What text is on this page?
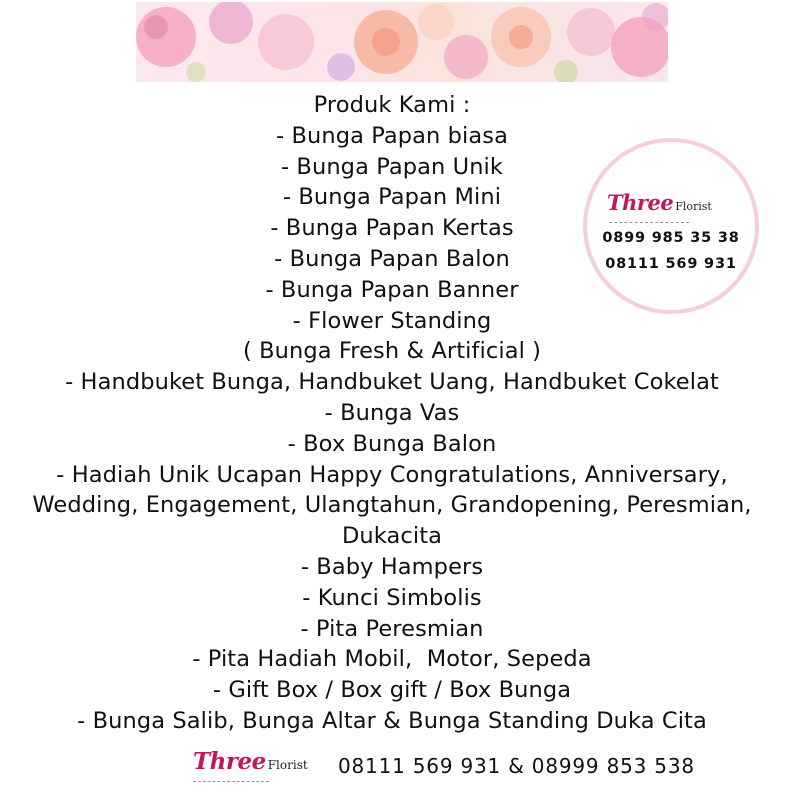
Produk Kami :
- Bunga Papan biasa
- Bunga Papan Unik
- Bunga Papan Mini
- Bunga Papan Kertas
- Bunga Papan Balon
- Bunga Papan Banner
- Flower Standing
( Bunga Fresh & Artificial )
- Handbuket Bunga, Handbuket Uang, Handbuket Cokelat
- Bunga Vas
- Box Bunga Balon
- Hadiah Unik Ucapan Happy Congratulations, Anniversary,
Wedding, Engagement, Ulangtahun, Grandopening, Peresmian,
Dukacita
- Baby Hampers
- Kunci Simbolis
- Pita Peresmian
- Pita Hadiah Mobil,  Motor, Sepeda
- Gift Box / Box gift / Box Bunga
- Bunga Salib, Bunga Altar & Bunga Standing Duka Cita
Three Florist
0899 985 35 38
08111 569 931
Three Florist 08111 569 931 & 08999 853 538
